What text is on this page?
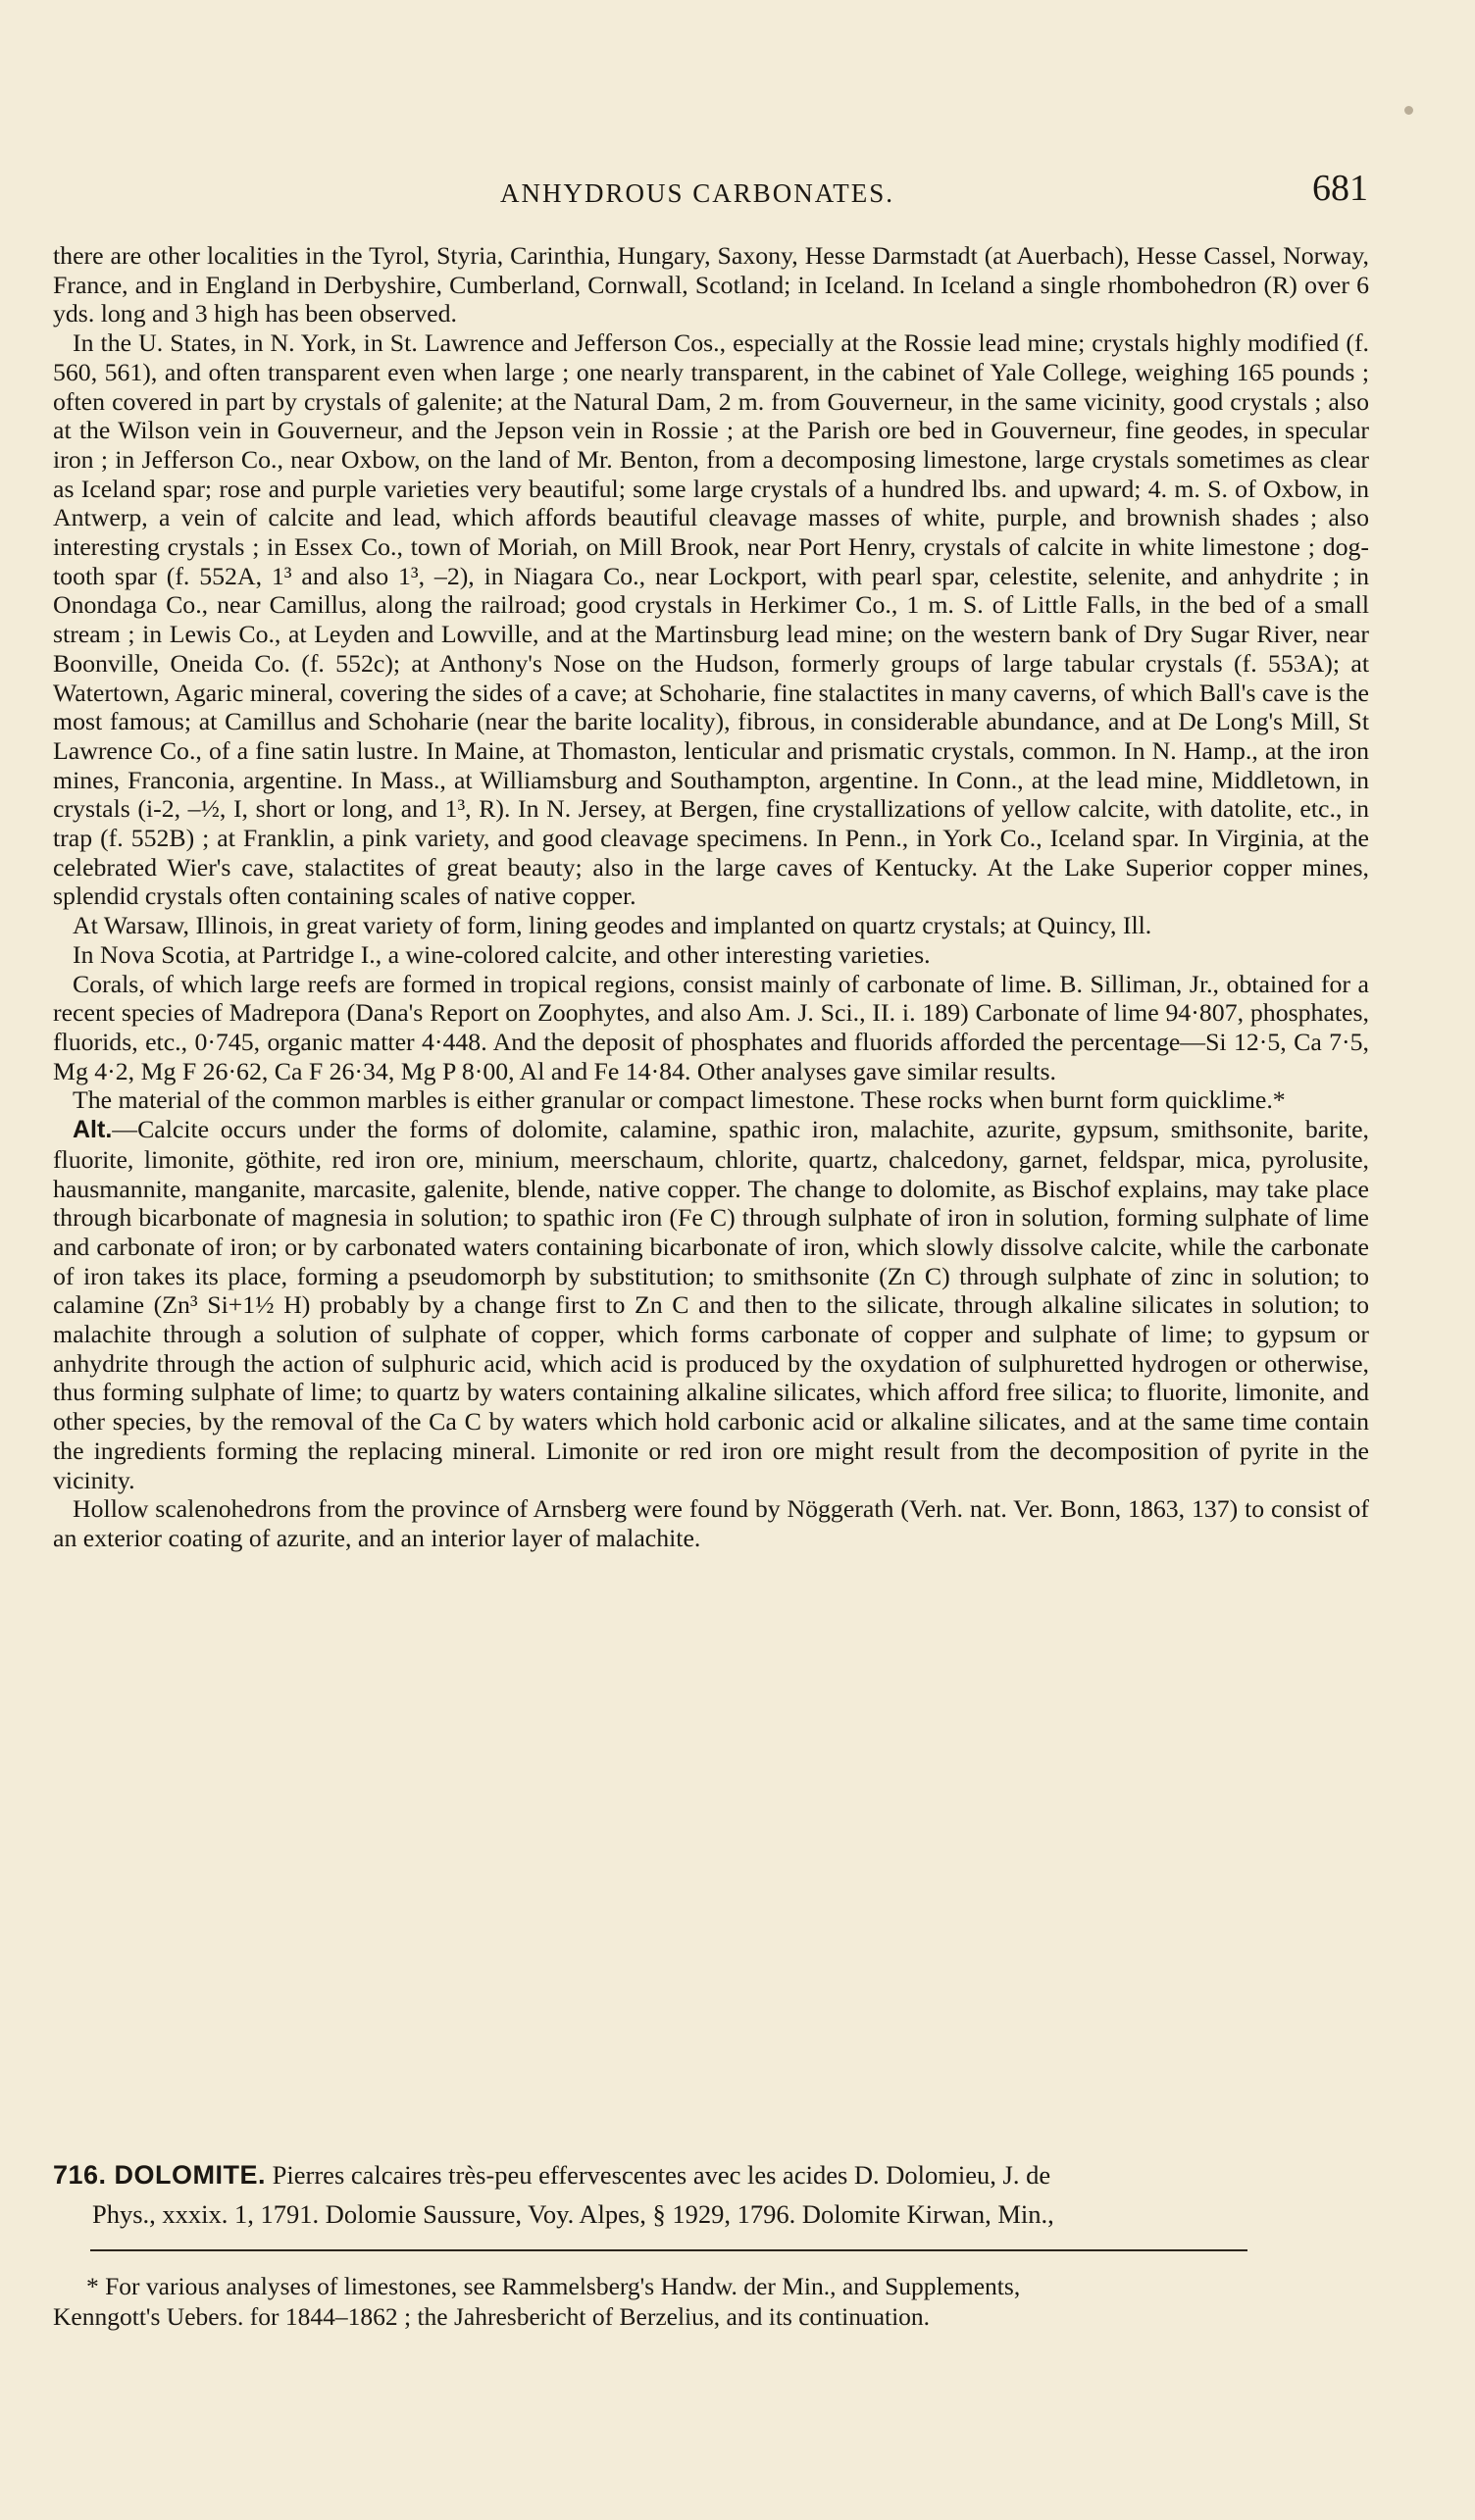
ANHYDROUS CARBONATES.	681

there are other localities in the Tyrol, Styria, Carinthia, Hungary, Saxony, Hesse Darmstadt (at Auerbach), Hesse Cassel, Norway, France, and in England in Derbyshire, Cumberland, Cornwall, Scotland; in Iceland. In Iceland a single rhombohedron (R) over 6 yds. long and 3 high has been observed.

In the U. States, in N. York, in St. Lawrence and Jefferson Cos., especially at the Rossie lead mine; crystals highly modified (f. 560, 561), and often transparent even when large ; one nearly transparent, in the cabinet of Yale College, weighing 165 pounds ; often covered in part by crystals of galenite; at the Natural Dam, 2 m. from Gouverneur, in the same vicinity, good crystals ; also at the Wilson vein in Gouverneur, and the Jepson vein in Rossie ; at the Parish ore bed in Gouverneur, fine geodes, in specular iron ; in Jefferson Co., near Oxbow, on the land of Mr. Benton, from a decomposing limestone, large crystals sometimes as clear as Iceland spar; rose and purple varieties very beautiful; some large crystals of a hundred lbs. and upward; 4. m. S. of Oxbow, in Antwerp, a vein of calcite and lead, which affords beautiful cleavage masses of white, purple, and brownish shades ; also interesting crystals ; in Essex Co., town of Moriah, on Mill Brook, near Port Henry, crystals of calcite in white limestone ; dog-tooth spar (f. 552A, 1³ and also 1³, –2), in Niagara Co., near Lockport, with pearl spar, celestite, selenite, and anhydrite ; in Onondaga Co., near Camillus, along the railroad; good crystals in Herkimer Co., 1 m. S. of Little Falls, in the bed of a small stream ; in Lewis Co., at Leyden and Lowville, and at the Martinsburg lead mine; on the western bank of Dry Sugar River, near Boonville, Oneida Co. (f. 552c); at Anthony's Nose on the Hudson, formerly groups of large tabular crystals (f. 553A); at Watertown, Agaric mineral, covering the sides of a cave; at Schoharie, fine stalactites in many caverns, of which Ball's cave is the most famous; at Camillus and Schoharie (near the barite locality), fibrous, in considerable abundance, and at De Long's Mill, St Lawrence Co., of a fine satin lustre. In Maine, at Thomaston, lenticular and prismatic crystals, common. In N. Hamp., at the iron mines, Franconia, argentine. In Mass., at Williamsburg and Southampton, argentine. In Conn., at the lead mine, Middletown, in crystals (i-2, –½, I, short or long, and 1³, R). In N. Jersey, at Bergen, fine crystallizations of yellow calcite, with datolite, etc., in trap (f. 552B) ; at Franklin, a pink variety, and good cleavage specimens. In Penn., in York Co., Iceland spar. In Virginia, at the celebrated Wier's cave, stalactites of great beauty; also in the large caves of Kentucky. At the Lake Superior copper mines, splendid crystals often containing scales of native copper.

At Warsaw, Illinois, in great variety of form, lining geodes and implanted on quartz crystals; at Quincy, Ill.

In Nova Scotia, at Partridge I., a wine-colored calcite, and other interesting varieties.

Corals, of which large reefs are formed in tropical regions, consist mainly of carbonate of lime. B. Silliman, Jr., obtained for a recent species of Madrepora (Dana's Report on Zoophytes, and also Am. J. Sci., II. i. 189) Carbonate of lime 94·807, phosphates, fluorids, etc., 0·745, organic matter 4·448. And the deposit of phosphates and fluorids afforded the percentage—Si 12·5, Ca 7·5, Mg 4·2, Mg F 26·62, Ca F 26·34, Mg P 8·00, Al and Fe 14·84. Other analyses gave similar results.

The material of the common marbles is either granular or compact limestone. These rocks when burnt form quicklime.*

Alt.—Calcite occurs under the forms of dolomite, calamine, spathic iron, malachite, azurite, gypsum, smithsonite, barite, fluorite, limonite, göthite, red iron ore, minium, meerschaum, chlorite, quartz, chalcedony, garnet, feldspar, mica, pyrolusite, hausmannite, manganite, marcasite, galenite, blende, native copper. The change to dolomite, as Bischof explains, may take place through bicarbonate of magnesia in solution; to spathic iron (Fe C) through sulphate of iron in solution, forming sulphate of lime and carbonate of iron; or by carbonated waters containing bicarbonate of iron, which slowly dissolve calcite, while the carbonate of iron takes its place, forming a pseudomorph by substitution; to smithsonite (Zn C) through sulphate of zinc in solution; to calamine (Zn³ Si+1½ H) probably by a change first to Zn C and then to the silicate, through alkaline silicates in solution; to malachite through a solution of sulphate of copper, which forms carbonate of copper and sulphate of lime; to gypsum or anhydrite through the action of sulphuric acid, which acid is produced by the oxydation of sulphuretted hydrogen or otherwise, thus forming sulphate of lime; to quartz by waters containing alkaline silicates, which afford free silica; to fluorite, limonite, and other species, by the removal of the Ca C by waters which hold carbonic acid or alkaline silicates, and at the same time contain the ingredients forming the replacing mineral. Limonite or red iron ore might result from the decomposition of pyrite in the vicinity.

Hollow scalenohedrons from the province of Arnsberg were found by Nöggerath (Verh. nat. Ver. Bonn, 1863, 137) to consist of an exterior coating of azurite, and an interior layer of malachite.

716. DOLOMITE. Pierres calcaires très-peu effervescentes avec les acides D. Dolomieu, J. de

Phys., xxxix. 1, 1791. Dolomie Saussure, Voy. Alpes, § 1929, 1796. Dolomite Kirwan, Min.,

* For various analyses of limestones, see Rammelsberg's Handw. der Min., and Supplements,

Kenngott's Uebers. for 1844–1862 ; the Jahresbericht of Berzelius, and its continuation.
